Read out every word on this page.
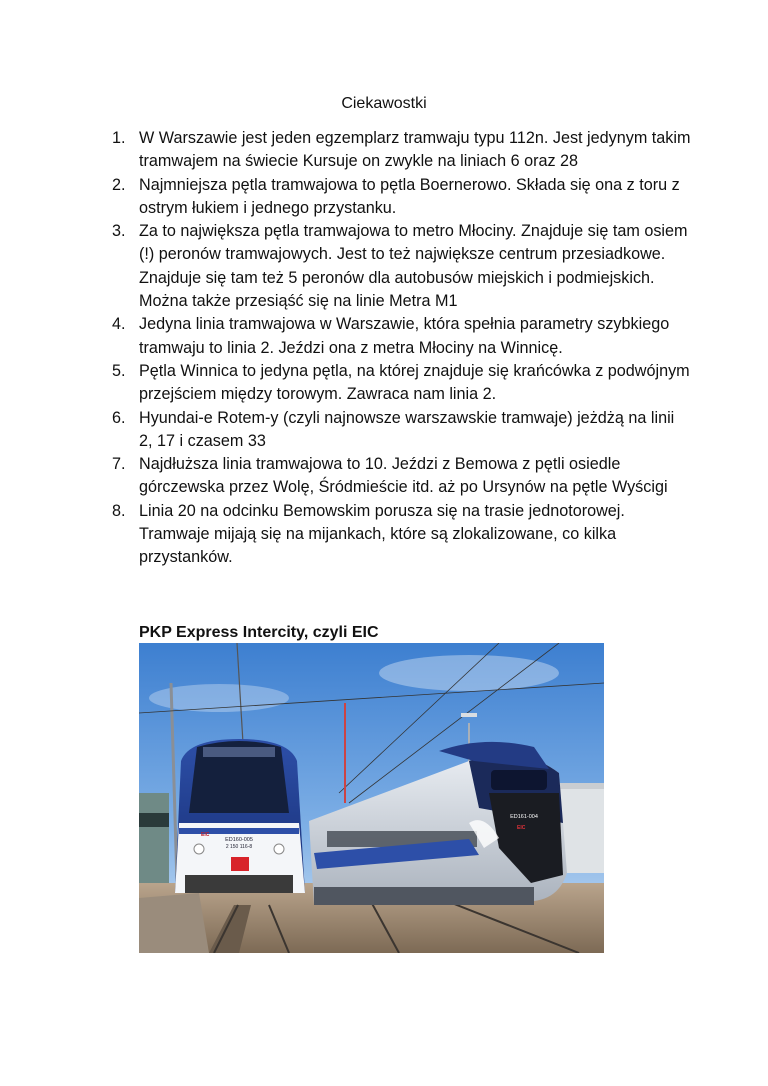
Ciekawostki
1. W Warszawie jest jeden egzemplarz tramwaju typu 112n. Jest jedynym takim tramwajem na świecie Kursuje on zwykle na liniach 6 oraz 28
2. Najmniejsza pętla tramwajowa to pętla Boernerowo. Składa się ona z toru z ostrym łukiem i jednego przystanku.
3. Za to największa pętla tramwajowa to metro Młociny. Znajduje się tam osiem (!) peronów tramwajowych. Jest to też największe centrum przesiadkowe. Znajduje się tam też 5 peronów dla autobusów miejskich i podmiejskich. Można także przesiąść się na linie Metra M1
4. Jedyna linia tramwajowa w Warszawie, która spełnia parametry szybkiego tramwaju to linia 2. Jeździ ona z metra Młociny na Winnicę.
5. Pętla Winnica to jedyna pętla, na której znajduje się krańcówka z podwójnym przejściem między torowym. Zawraca nam linia 2.
6. Hyundai-e Rotem-y (czyli najnowsze warszawskie tramwaje) jeżdżą na linii 2, 17 i czasem 33
7. Najdłuższa linia tramwajowa to 10. Jeździ z Bemowa z pętli osiedle górczewska przez Wolę, Śródmieście itd. aż po Ursynów na pętle Wyścigi
8. Linia 20 na odcinku Bemowskim porusza się na trasie jednotorowej. Tramwaje mijają się na mijankach, które są zlokalizowane, co kilka przystanków.
PKP Express Intercity, czyli EIC
ED160-005
2 150 116-8
EIC
ED161-004
EIC
